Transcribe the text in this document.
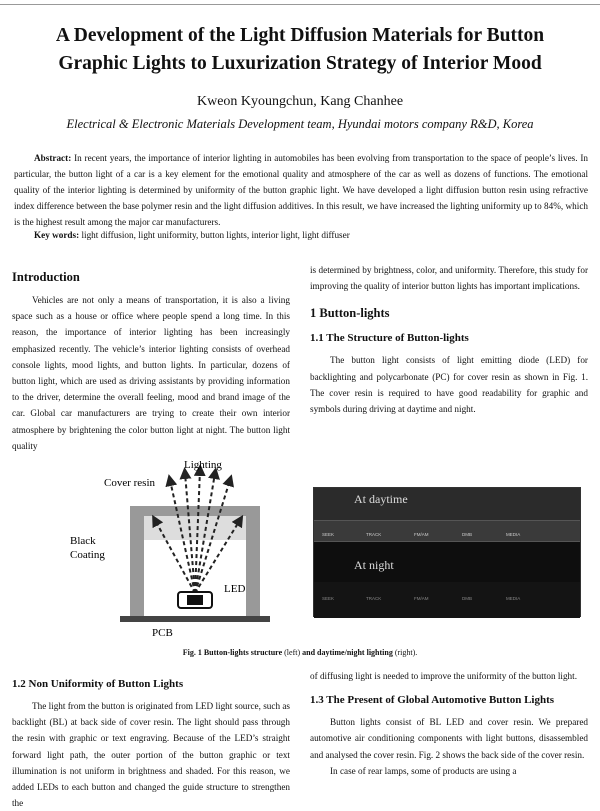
A Development of the Light Diffusion Materials for Button
Graphic Lights to Luxurization Strategy of Interior Mood
Kweon Kyoungchun, Kang Chanhee
Electrical & Electronic Materials Development team, Hyundai motors company R&D, Korea
Abstract: In recent years, the importance of interior lighting in automobiles has been evolving from transportation to the space of people’s lives. In particular, the button light of a car is a key element for the emotional quality and atmosphere of the car as well as dozens of functions. The emotional quality of the interior lighting is determined by uniformity of the button graphic light. We have developed a light diffusion button resin using refractive index difference between the base polymer resin and the light diffusion additives. In this result, we have increased the lighting uniformity up to 84%, which is the highest result among the major car manufacturers.
Key words: light diffusion, light uniformity, button lights, interior light, light diffuser
Introduction

Vehicles are not only a means of transportation, it is also a living space such as a house or office where people spend a long time. In this reason, the importance of interior lighting has been increasingly emphasized recently. The vehicle’s interior lighting consists of overhead console lights, mood lights, and button lights. In particular, dozens of button light, which are used as driving assistants by providing information to the driver, determine the overall feeling, mood and brand image of the car. Global car manufacturers are trying to create their own interior atmosphere by brightening the color button light at night. The button light quality

is determined by brightness, color, and uniformity. Therefore, this study for improving the quality of interior button lights has important implications.

1 Button-lights
1.1 The Structure of Button-lights

The button light consists of light emitting diode (LED) for backlighting and polycarbonate (PC) for cover resin as shown in Fig. 1. The cover resin is required to have good readability for graphic and symbols during driving at daytime and night.

Lighting
Cover resin
Black
Coating
LED
PCB
At daytime
At night
SEEK	TRACK	FM/AM	DMB	MEDIA
SEEK	TRACK	FM/AM	DMB	MEDIA
Fig. 1 Button-lights structure (left) and daytime/night lighting (right).
1.2 Non Uniformity of Button Lights

The light from the button is originated from LED light source, such as backlight (BL) at back side of cover resin. The light should pass through the resin with graphic or text engraving. Because of the LED’s straight forward light path, the outer portion of the button graphic or text illumination is not uniform in brightness and shaded. For this reason, we added LEDs to each button and changed the guide structure to strengthen the

of diffusing light is needed to improve the uniformity of the button light.

1.3 The Present of Global Automotive Button Lights

Button lights consist of BL LED and cover resin. We prepared automotive air conditioning components with light buttons, disassembled and analysed the cover resin. Fig. 2 shows the back side of the cover resin.

In case of rear lamps, some of products are using a
